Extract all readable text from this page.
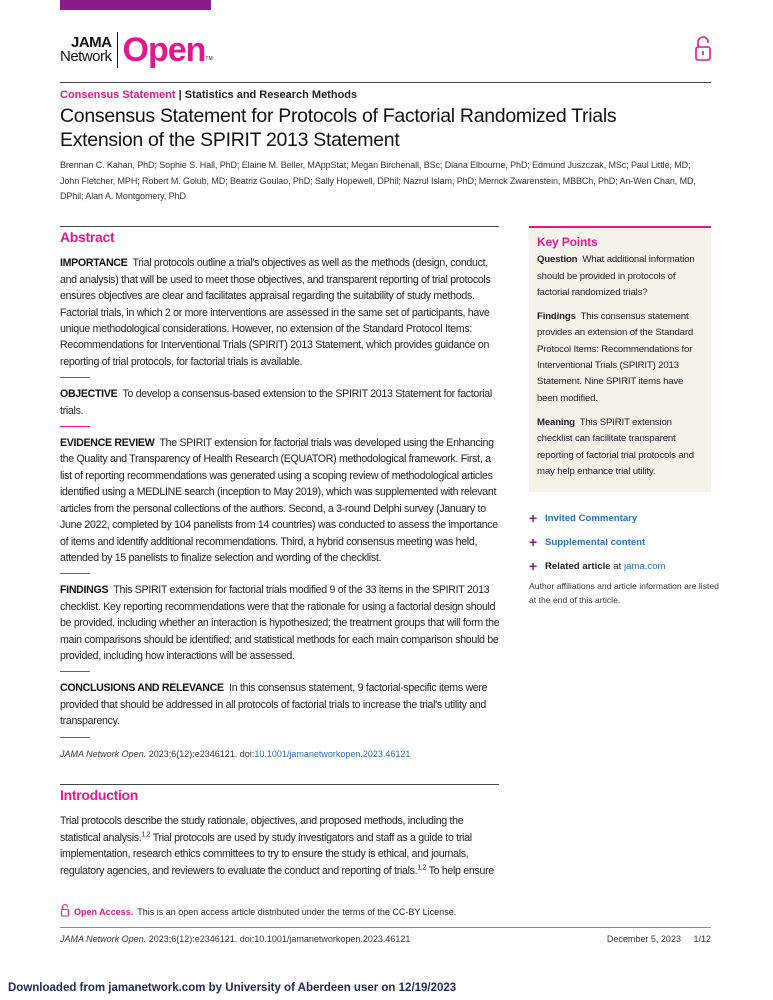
JAMA
Network Open TM
Consensus Statement | Statistics and Research Methods
Consensus Statement for Protocols of Factorial Randomized Trials
Extension of the SPIRIT 2013 Statement
Brennan C. Kahan, PhD; Sophie S. Hall, PhD; Elaine M. Beller, MAppStat; Megan Birchenall, BSc; Diana Elbourne, PhD; Edmund Juszczak, MSc; Paul Little, MD; John Fletcher, MPH; Robert M. Golub, MD; Beatriz Goulao, PhD; Sally Hopewell, DPhil; Nazrul Islam, PhD; Merrick Zwarenstein, MBBCh, PhD; An-Wen Chan, MD, DPhil; Alan A. Montgomery, PhD
Abstract

IMPORTANCE Trial protocols outline a trial's objectives as well as the methods (design, conduct, and analysis) that will be used to meet those objectives, and transparent reporting of trial protocols ensures objectives are clear and facilitates appraisal regarding the suitability of study methods. Factorial trials, in which 2 or more interventions are assessed in the same set of participants, have unique methodological considerations. However, no extension of the Standard Protocol Items: Recommendations for Interventional Trials (SPIRIT) 2013 Statement, which provides guidance on reporting of trial protocols, for factorial trials is available.

OBJECTIVE To develop a consensus-based extension to the SPIRIT 2013 Statement for factorial trials.

EVIDENCE REVIEW The SPIRIT extension for factorial trials was developed using the Enhancing the Quality and Transparency of Health Research (EQUATOR) methodological framework. First, a list of reporting recommendations was generated using a scoping review of methodological articles identified using a MEDLINE search (inception to May 2019), which was supplemented with relevant articles from the personal collections of the authors. Second, a 3-round Delphi survey (January to June 2022, completed by 104 panelists from 14 countries) was conducted to assess the importance of items and identify additional recommendations. Third, a hybrid consensus meeting was held, attended by 15 panelists to finalize selection and wording of the checklist.

FINDINGS This SPIRIT extension for factorial trials modified 9 of the 33 items in the SPIRIT 2013 checklist. Key reporting recommendations were that the rationale for using a factorial design should be provided, including whether an interaction is hypothesized; the treatment groups that will form the main comparisons should be identified; and statistical methods for each main comparison should be provided, including how interactions will be assessed.

CONCLUSIONS AND RELEVANCE In this consensus statement, 9 factorial-specific items were provided that should be addressed in all protocols of factorial trials to increase the trial's utility and transparency.

JAMA Network Open. 2023;6(12):e2346121. doi:10.1001/jamanetworkopen.2023.46121
Introduction

Trial protocols describe the study rationale, objectives, and proposed methods, including the statistical analysis.$^{1,2}$ Trial protocols are used by study investigators and staff as a guide to trial implementation, research ethics committees to try to ensure the study is ethical, and journals, regulatory agencies, and reviewers to evaluate the conduct and reporting of trials.$^{1,2}$ To help ensure

Open Access. This is an open access article distributed under the terms of the CC-BY License.
JAMA Network Open. 2023;6(12):e2346121. doi:10.1001/jamanetworkopen.2023.46121	December 5, 2023 1/12
Downloaded from jamanetwork.com by University of Aberdeen user on 12/19/2023
Key Points

Question What additional information should be provided in protocols of factorial randomized trials?

Findings This consensus statement provides an extension of the Standard Protocol Items: Recommendations for Interventional Trials (SPIRIT) 2013 Statement. Nine SPIRIT items have been modified.

Meaning This SPIRIT extension checklist can facilitate transparent reporting of factorial trial protocols and may help enhance trial utility.

+ Invited Commentary
+ Supplemental content
+ Related article
at
jama.com
Author affiliations and article information are listed at the end of this article.
